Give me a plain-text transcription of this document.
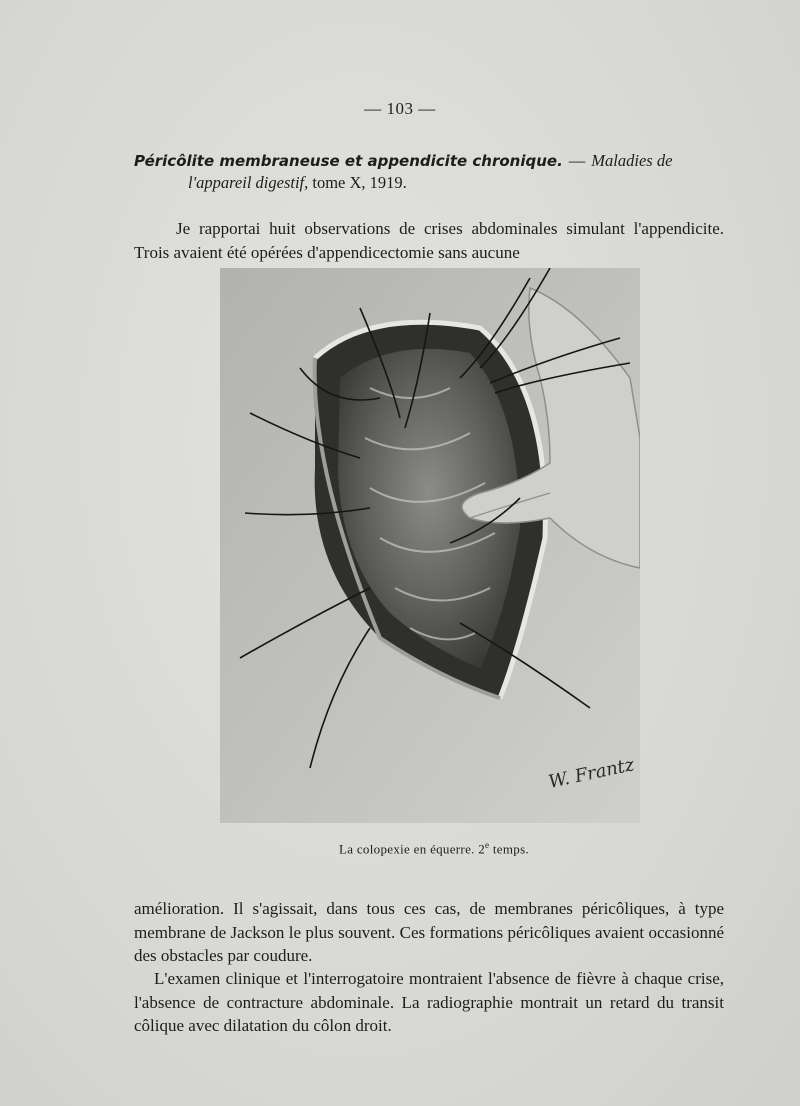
— 103 —
Péricôlite membraneuse et appendicite chronique. — Maladies de
l'appareil digestif, tome X, 1919.

Je rapportai huit observations de crises abdominales simulant l'appendicite. Trois avaient été opérées d'appendicectomie sans aucune

W. Frantz
La colopexie en équerre. 2e temps.

amélioration. Il s'agissait, dans tous ces cas, de membranes péricôliques, à type membrane de Jackson le plus souvent. Ces formations péricôliques avaient occasionné des obstacles par coudure.

L'examen clinique et l'interrogatoire montraient l'absence de fièvre à chaque crise, l'absence de contracture abdominale. La radiographie montrait un retard du transit côlique avec dilatation du côlon droit.
